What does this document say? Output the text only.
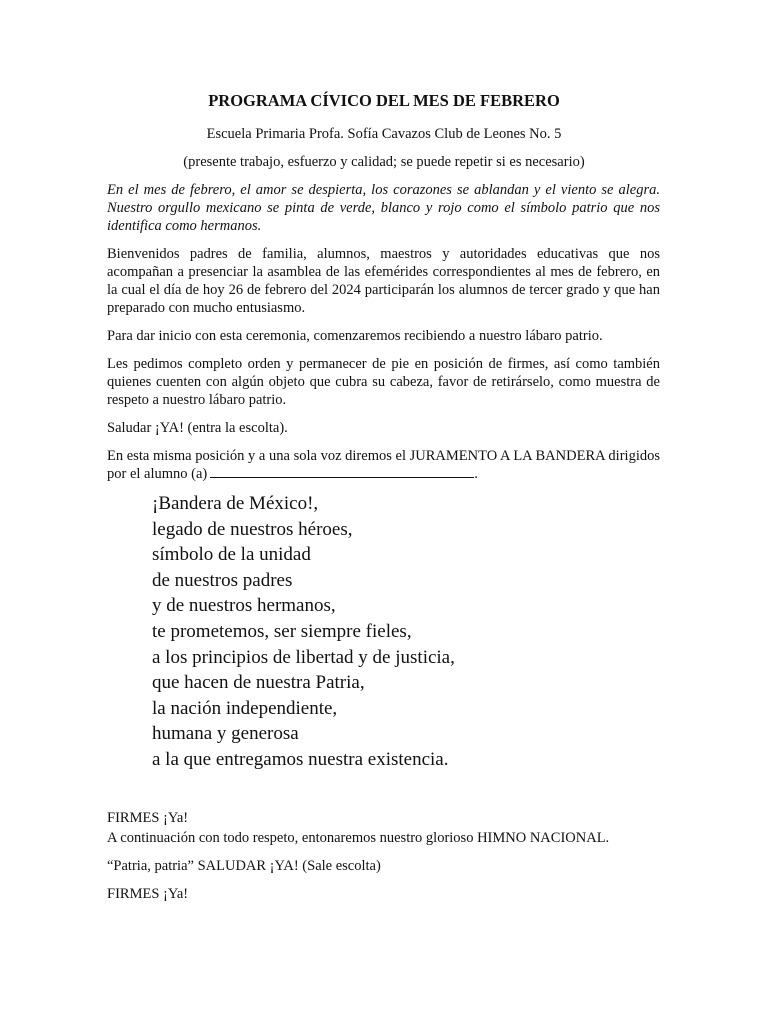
PROGRAMA CÍVICO DEL MES DE FEBRERO
Escuela Primaria Profa. Sofía Cavazos Club de Leones No. 5
(presente trabajo, esfuerzo y calidad; se puede repetir si es necesario)
En el mes de febrero, el amor se despierta, los corazones se ablandan y el viento se alegra. Nuestro orgullo mexicano se pinta de verde, blanco y rojo como el símbolo patrio que nos identifica como hermanos.
Bienvenidos padres de familia, alumnos, maestros y autoridades educativas que nos acompañan a presenciar la asamblea de las efemérides correspondientes al mes de febrero, en la cual el día de hoy 26 de febrero del 2024 participarán los alumnos de tercer grado y que han preparado con mucho entusiasmo.
Para dar inicio con esta ceremonia, comenzaremos recibiendo a nuestro lábaro patrio.
Les pedimos completo orden y permanecer de pie en posición de firmes, así como también quienes cuenten con algún objeto que cubra su cabeza, favor de retirárselo, como muestra de respeto a nuestro lábaro patrio.
Saludar ¡YA! (entra la escolta).
En esta misma posición y a una sola voz diremos el JURAMENTO A LA BANDERA dirigidos por el alumno (a)	.
¡Bandera de México!,
legado de nuestros héroes,
símbolo de la unidad
de nuestros padres
y de nuestros hermanos,
te prometemos, ser siempre fieles,
a los principios de libertad y de justicia,
que hacen de nuestra Patria,
la nación independiente,
humana y generosa
a la que entregamos nuestra existencia.
FIRMES ¡Ya!
A continuación con todo respeto, entonaremos nuestro glorioso HIMNO NACIONAL.
“Patria, patria” SALUDAR ¡YA! (Sale escolta)
FIRMES ¡Ya!
